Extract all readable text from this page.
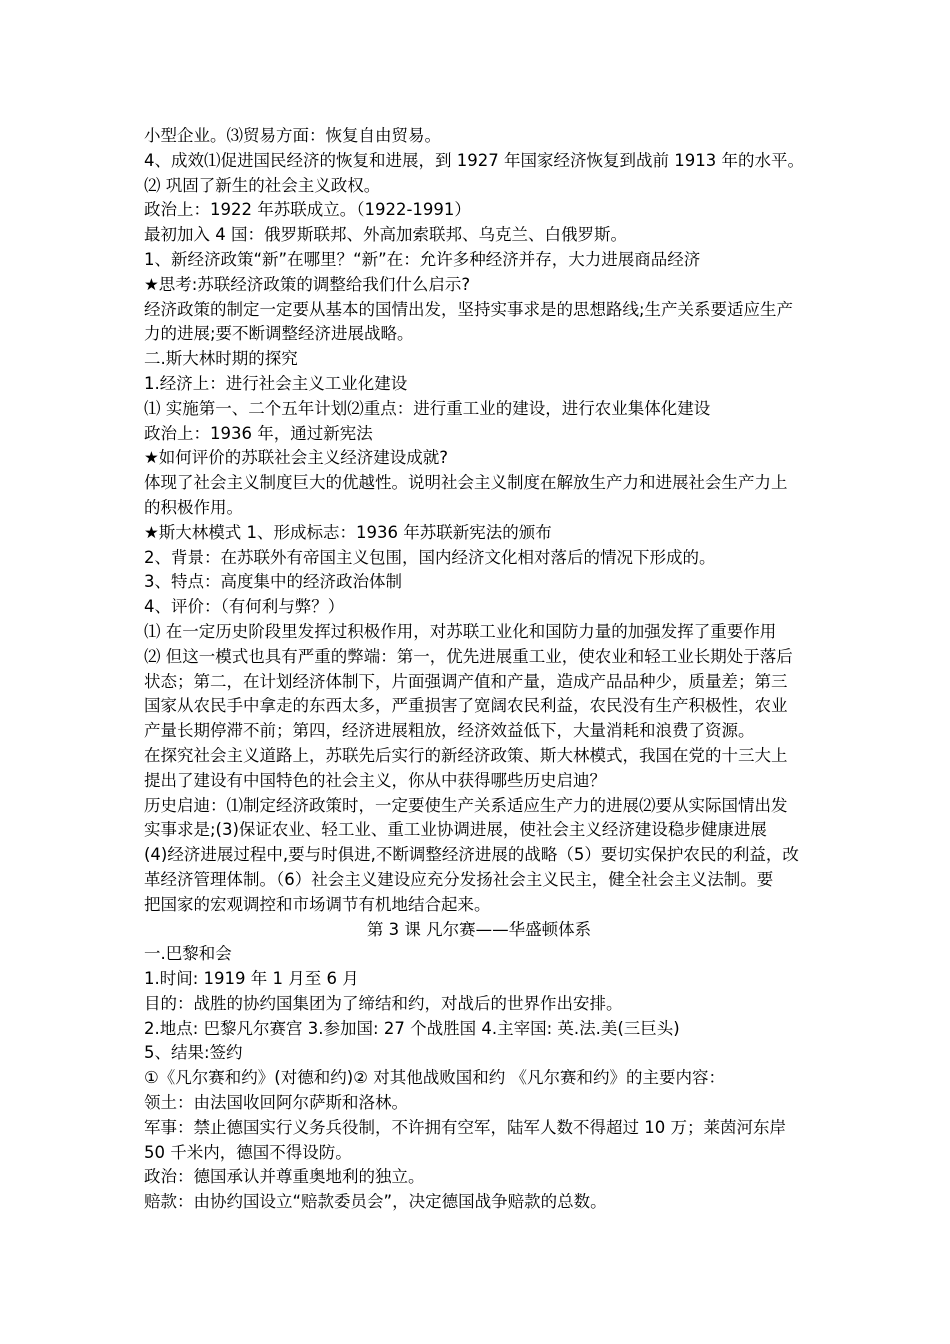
小型企业。⑶贸易方面：恢复自由贸易。
4、成效⑴促进国民经济的恢复和进展，到 1927 年国家经济恢复到战前 1913 年的水平。
⑵ 巩固了新生的社会主义政权。
政治上：1922 年苏联成立。（1922-1991）
最初加入 4 国：俄罗斯联邦、外高加索联邦、乌克兰、白俄罗斯。
1、新经济政策“新”在哪里？“新”在：允许多种经济并存，大力进展商品经济
★思考:苏联经济政策的调整给我们什么启示?
经济政策的制定一定要从基本的国情出发，坚持实事求是的思想路线;生产关系要适应生产
力的进展;要不断调整经济进展战略。
二.斯大林时期的探究
1.经济上：进行社会主义工业化建设
⑴ 实施第一、二个五年计划⑵重点：进行重工业的建设，进行农业集体化建设
政治上：1936 年，通过新宪法
★如何评价的苏联社会主义经济建设成就?
体现了社会主义制度巨大的优越性。说明社会主义制度在解放生产力和进展社会生产力上
的积极作用。
★斯大林模式 1、形成标志：1936 年苏联新宪法的颁布
2、背景：在苏联外有帝国主义包围，国内经济文化相对落后的情况下形成的。
3、特点：高度集中的经济政治体制
4、评价：（有何利与弊？）
⑴ 在一定历史阶段里发挥过积极作用，对苏联工业化和国防力量的加强发挥了重要作用
⑵ 但这一模式也具有严重的弊端：第一，优先进展重工业，使农业和轻工业长期处于落后
状态；第二，在计划经济体制下，片面强调产值和产量，造成产品品种少，质量差；第三
国家从农民手中拿走的东西太多，严重损害了宽阔农民利益，农民没有生产积极性，农业
产量长期停滞不前；第四，经济进展粗放，经济效益低下，大量消耗和浪费了资源。
在探究社会主义道路上，苏联先后实行的新经济政策、斯大林模式，我国在党的十三大上
提出了建设有中国特色的社会主义，你从中获得哪些历史启迪？
历史启迪：⑴制定经济政策时，一定要使生产关系适应生产力的进展⑵要从实际国情出发
实事求是;(3)保证农业、轻工业、重工业协调进展，使社会主义经济建设稳步健康进展
(4)经济进展过程中,要与时俱进,不断调整经济进展的战略（5）要切实保护农民的利益，改
革经济管理体制。（6）社会主义建设应充分发扬社会主义民主，健全社会主义法制。要
把国家的宏观调控和市场调节有机地结合起来。
第 3 课 凡尔赛——华盛顿体系
一.巴黎和会
1.时间: 1919 年 1 月至 6 月
目的：战胜的协约国集团为了缔结和约，对战后的世界作出安排。
2.地点: 巴黎凡尔赛宫 3.参加国: 27 个战胜国 4.主宰国: 英.法.美(三巨头)
5、结果:签约
①《凡尔赛和约》(对德和约)② 对其他战败国和约 《凡尔赛和约》的主要内容：
领土：由法国收回阿尔萨斯和洛林。
军事：禁止德国实行义务兵役制，不许拥有空军，陆军人数不得超过 10 万；莱茵河东岸
50 千米内，德国不得设防。
政治：德国承认并尊重奥地利的独立。
赔款：由协约国设立“赔款委员会”，决定德国战争赔款的总数。
